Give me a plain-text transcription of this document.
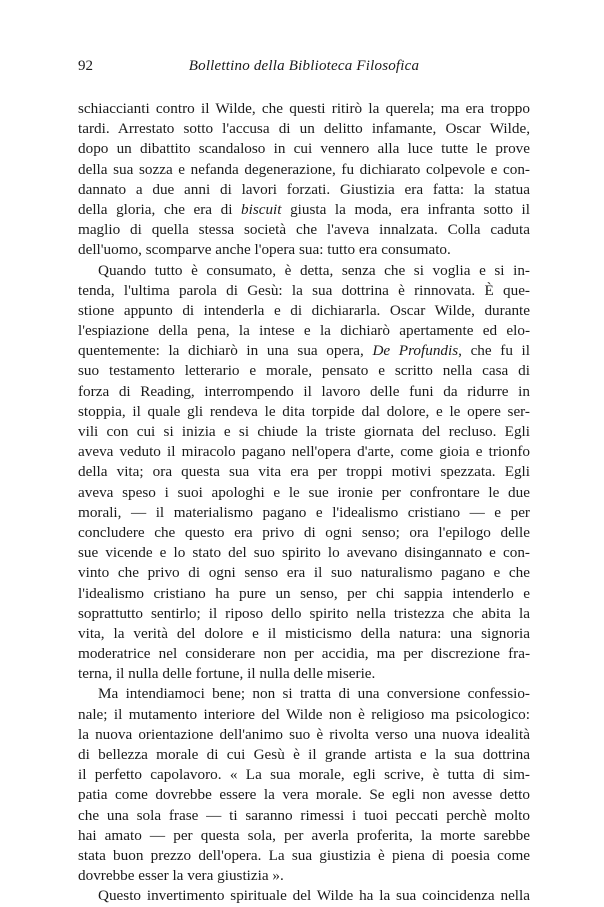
92	Bollettino della Biblioteca Filosofica
schiaccianti contro il Wilde, che questi ritirò la querela; ma era troppo
tardi. Arrestato sotto l'accusa di un delitto infamante, Oscar Wilde,
dopo un dibattito scandaloso in cui vennero alla luce tutte le prove
della sua sozza e nefanda degenerazione, fu dichiarato colpevole e con-
dannato a due anni di lavori forzati. Giustizia era fatta: la statua
della gloria, che era di biscuit giusta la moda, era infranta sotto il
maglio di quella stessa società che l'aveva innalzata. Colla caduta
dell'uomo, scomparve anche l'opera sua: tutto era consumato.
Quando tutto è consumato, è detta, senza che si voglia e si in-
tenda, l'ultima parola di Gesù: la sua dottrina è rinnovata. È que-
stione appunto di intenderla e di dichiararla. Oscar Wilde, durante
l'espiazione della pena, la intese e la dichiarò apertamente ed elo-
quentemente: la dichiarò in una sua opera, De Profundis, che fu il
suo testamento letterario e morale, pensato e scritto nella casa di
forza di Reading, interrompendo il lavoro delle funi da ridurre in
stoppia, il quale gli rendeva le dita torpide dal dolore, e le opere ser-
vili con cui si inizia e si chiude la triste giornata del recluso. Egli
aveva veduto il miracolo pagano nell'opera d'arte, come gioia e trionfo
della vita; ora questa sua vita era per troppi motivi spezzata. Egli
aveva speso i suoi apologhi e le sue ironie per confrontare le due
morali, — il materialismo pagano e l'idealismo cristiano — e per
concludere che questo era privo di ogni senso; ora l'epilogo delle
sue vicende e lo stato del suo spirito lo avevano disingannato e con-
vinto che privo di ogni senso era il suo naturalismo pagano e che
l'idealismo cristiano ha pure un senso, per chi sappia intenderlo e
soprattutto sentirlo; il riposo dello spirito nella tristezza che abita la
vita, la verità del dolore e il misticismo della natura: una signoria
moderatrice nel considerare non per accidia, ma per discrezione fra-
terna, il nulla delle fortune, il nulla delle miserie.
Ma intendiamoci bene; non si tratta di una conversione confessio-
nale; il mutamento interiore del Wilde non è religioso ma psicologico:
la nuova orientazione dell'animo suo è rivolta verso una nuova idealità
di bellezza morale di cui Gesù è il grande artista e la sua dottrina
il perfetto capolavoro. « La sua morale, egli scrive, è tutta di sim-
patia come dovrebbe essere la vera morale. Se egli non avesse detto
che una sola frase — ti saranno rimessi i tuoi peccati perchè molto
hai amato — per questa sola, per averla proferita, la morte sarebbe
stata buon prezzo dell'opera. La sua giustizia è piena di poesia come
dovrebbe esser la vera giustizia ».
Questo invertimento spirituale del Wilde ha la sua coincidenza nella
